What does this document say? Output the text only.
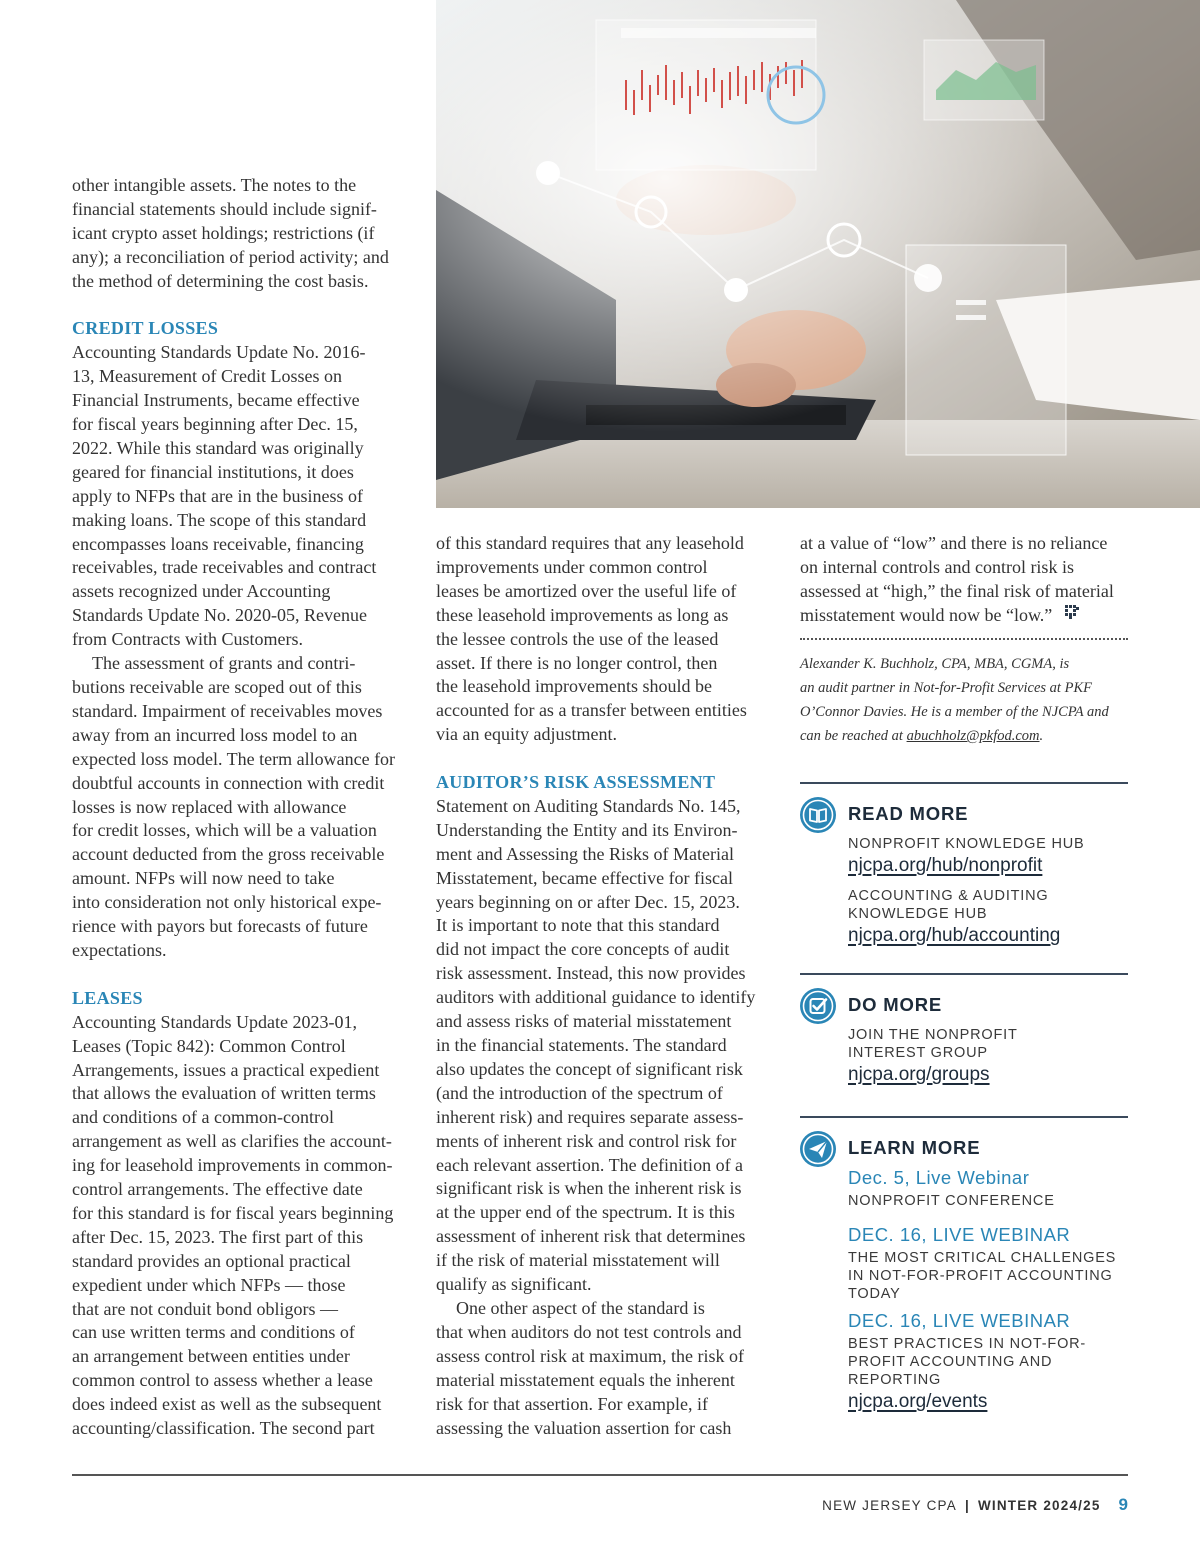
other intangible assets. The notes to the
financial statements should include signif-
icant crypto asset holdings; restrictions (if
any); a reconciliation of period activity; and
the method of determining the cost basis.
CREDIT LOSSES
Accounting Standards Update No. 2016-
13, Measurement of Credit Losses on
Financial Instruments, became effective
for fiscal years beginning after Dec. 15,
2022. While this standard was originally
geared for financial institutions, it does
apply to NFPs that are in the business of
making loans. The scope of this standard
encompasses loans receivable, financing
receivables, trade receivables and contract
assets recognized under Accounting
Standards Update No. 2020-05, Revenue
from Contracts with Customers.
The assessment of grants and contri-
butions receivable are scoped out of this
standard. Impairment of receivables moves
away from an incurred loss model to an
expected loss model. The term allowance for
doubtful accounts in connection with credit
losses is now replaced with allowance
for credit losses, which will be a valuation
account deducted from the gross receivable
amount. NFPs will now need to take
into consideration not only historical expe-
rience with payors but forecasts of future
expectations.
LEASES
Accounting Standards Update 2023-01,
Leases (Topic 842): Common Control
Arrangements, issues a practical expedient
that allows the evaluation of written terms
and conditions of a common-control
arrangement as well as clarifies the account-
ing for leasehold improvements in common-
control arrangements. The effective date
for this standard is for fiscal years beginning
after Dec. 15, 2023. The first part of this
standard provides an optional practical
expedient under which NFPs — those
that are not conduit bond obligors —
can use written terms and conditions of
an arrangement between entities under
common control to assess whether a lease
does indeed exist as well as the subsequent
accounting/classification. The second part
of this standard requires that any leasehold
improvements under common control
leases be amortized over the useful life of
these leasehold improvements as long as
the lessee controls the use of the leased
asset. If there is no longer control, then
the leasehold improvements should be
accounted for as a transfer between entities
via an equity adjustment.
AUDITOR’S RISK ASSESSMENT
Statement on Auditing Standards No. 145,
Understanding the Entity and its Environ-
ment and Assessing the Risks of Material
Misstatement, became effective for fiscal
years beginning on or after Dec. 15, 2023.
It is important to note that this standard
did not impact the core concepts of audit
risk assessment. Instead, this now provides
auditors with additional guidance to identify
and assess risks of material misstatement
in the financial statements. The standard
also updates the concept of significant risk
(and the introduction of the spectrum of
inherent risk) and requires separate assess-
ments of inherent risk and control risk for
each relevant assertion. The definition of a
significant risk is when the inherent risk is
at the upper end of the spectrum. It is this
assessment of inherent risk that determines
if the risk of material misstatement will
qualify as significant.
One other aspect of the standard is
that when auditors do not test controls and
assess control risk at maximum, the risk of
material misstatement equals the inherent
risk for that assertion. For example, if
assessing the valuation assertion for cash
at a value of “low” and there is no reliance
on internal controls and control risk is
assessed at “high,” the final risk of material
misstatement would now be “low.”
Alexander K. Buchholz, CPA, MBA, CGMA, is
an audit partner in Not-for-Profit Services at PKF
O’Connor Davies. He is a member of the NJCPA and
can be reached at abuchholz@pkfod.com.
READ MORE
NONPROFIT KNOWLEDGE HUB
njcpa.org/hub/nonprofit
ACCOUNTING & AUDITING
KNOWLEDGE HUB
njcpa.org/hub/accounting
DO MORE
JOIN THE NONPROFIT
INTEREST GROUP
njcpa.org/groups
LEARN MORE
Dec. 5, Live Webinar
NONPROFIT CONFERENCE
DEC. 16, LIVE WEBINAR
THE MOST CRITICAL CHALLENGES
IN NOT-FOR-PROFIT ACCOUNTING
TODAY
DEC. 16, LIVE WEBINAR
BEST PRACTICES IN NOT-FOR-
PROFIT ACCOUNTING AND
REPORTING
njcpa.org/events
NEW JERSEY CPA | WINTER 2024/25 9
